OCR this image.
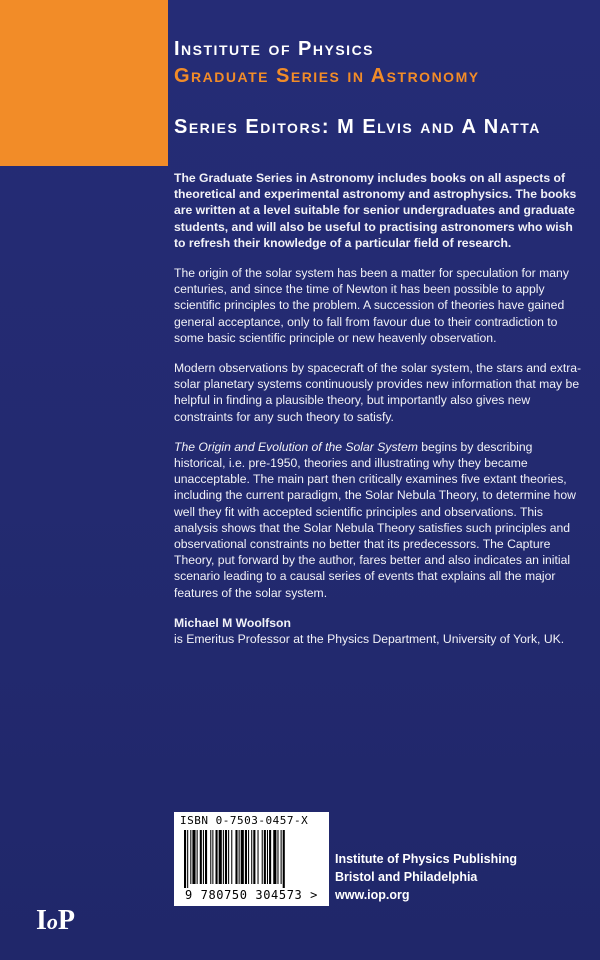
Institute of Physics
Graduate Series in Astronomy
Series Editors: M Elvis and A Natta

The Graduate Series in Astronomy includes books on all aspects of theoretical and experimental astronomy and astrophysics. The books are written at a level suitable for senior undergraduates and graduate students, and will also be useful to practising astronomers who wish to refresh their knowledge of a particular field of research.

The origin of the solar system has been a matter for speculation for many centuries, and since the time of Newton it has been possible to apply scientific principles to the problem. A succession of theories have gained general acceptance, only to fall from favour due to their contradiction to some basic scientific principle or new heavenly observation.

Modern observations by spacecraft of the solar system, the stars and extra-solar planetary systems continuously provides new information that may be helpful in finding a plausible theory, but importantly also gives new constraints for any such theory to satisfy.

The Origin and Evolution of the Solar System begins by describing historical, i.e. pre-1950, theories and illustrating why they became unacceptable. The main part then critically examines five extant theories, including the current paradigm, the Solar Nebula Theory, to determine how well they fit with accepted scientific principles and observations. This analysis shows that the Solar Nebula Theory satisfies such principles and observational constraints no better that its predecessors. The Capture Theory, put forward by the author, fares better and also indicates an initial scenario leading to a causal series of events that explains all the major features of the solar system.

Michael M Woolfson
is Emeritus Professor at the Physics Department, University of York, UK.

ISBN 0-7503-0457-X
9 780750 304573 >
Institute of Physics Publishing
Bristol and Philadelphia
www.iop.org
IoP
